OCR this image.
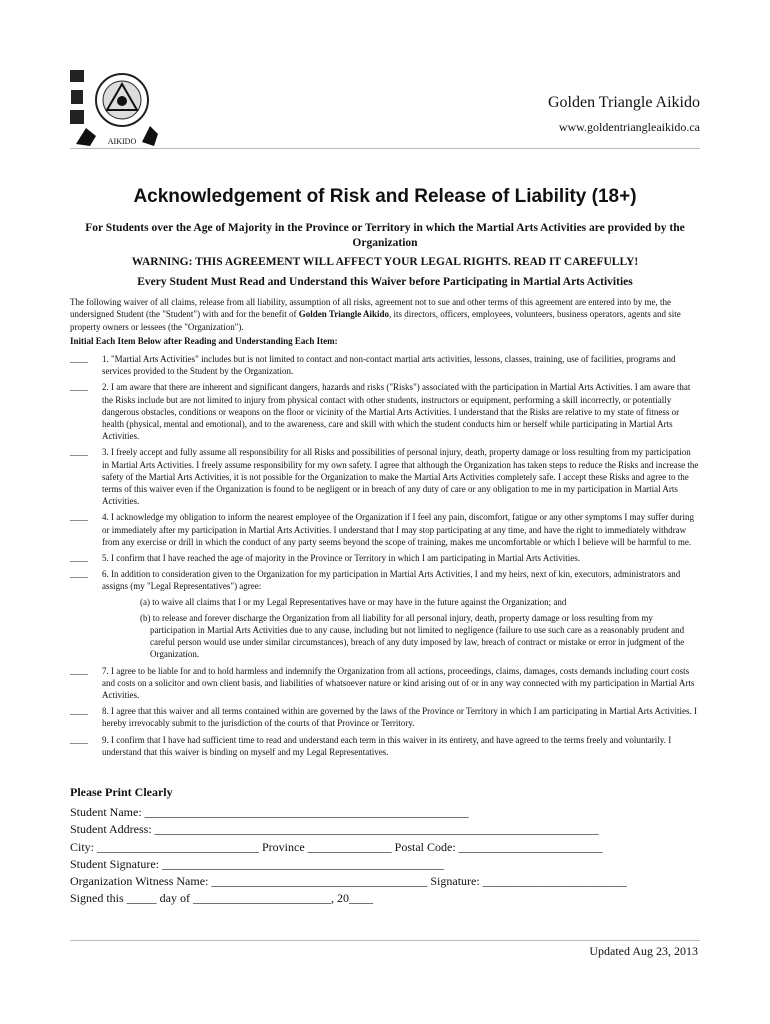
AIKIDO
Golden Triangle Aikido
www.goldentriangleaikido.ca
Acknowledgement of Risk and Release of Liability (18+)
For Students over the Age of Majority in the Province or Territory in which the Martial Arts Activities are provided by the Organization
WARNING: THIS AGREEMENT WILL AFFECT YOUR LEGAL RIGHTS. READ IT CAREFULLY!
Every Student Must Read and Understand this Waiver before Participating in Martial Arts Activities
The following waiver of all claims, release from all liability, assumption of all risks, agreement not to sue and other terms of this agreement are entered into by me, the undersigned Student (the "Student") with and for the benefit of Golden Triangle Aikido, its directors, officers, employees, volunteers, business operators, agents and site property owners or lessees (the "Organization").
Initial Each Item Below after Reading and Understanding Each Item:
____ 1. "Martial Arts Activities" includes but is not limited to contact and non-contact martial arts activities, lessons, classes, training, use of facilities, programs and services provided to the Student by the Organization.
____ 2. I am aware that there are inherent and significant dangers, hazards and risks ("Risks") associated with the participation in Martial Arts Activities. I am aware that the Risks include but are not limited to injury from physical contact with other students, instructors or equipment, performing a skill incorrectly, or potentially dangerous obstacles, conditions or weapons on the floor or vicinity of the Martial Arts Activities. I understand that the Risks are relative to my state of fitness or health (physical, mental and emotional), and to the awareness, care and skill with which the student conducts him or herself while participating in Martial Arts Activities.
____ 3. I freely accept and fully assume all responsibility for all Risks and possibilities of personal injury, death, property damage or loss resulting from my participation in Martial Arts Activities. I freely assume responsibility for my own safety. I agree that although the Organization has taken steps to reduce the Risks and increase the safety of the Martial Arts Activities, it is not possible for the Organization to make the Martial Arts Activities completely safe. I accept these Risks and agree to the terms of this waiver even if the Organization is found to be negligent or in breach of any duty of care or any obligation to me in my participation in Martial Arts Activities.
____ 4. I acknowledge my obligation to inform the nearest employee of the Organization if I feel any pain, discomfort, fatigue or any other symptoms I may suffer during or immediately after my participation in Martial Arts Activities. I understand that I may stop participating at any time, and have the right to immediately withdraw from any exercise or drill in which the conduct of any party seems beyond the scope of training, makes me uncomfortable or which I believe will be harmful to me.
____ 5. I confirm that I have reached the age of majority in the Province or Territory in which I am participating in Martial Arts Activities.
____ 6. In addition to consideration given to the Organization for my participation in Martial Arts Activities, I and my heirs, next of kin, executors, administrators and assigns (my "Legal Representatives") agree:
(a) to waive all claims that I or my Legal Representatives have or may have in the future against the Organization; and
(b) to release and forever discharge the Organization from all liability for all personal injury, death, property damage or loss resulting from my participation in Martial Arts Activities due to any cause, including but not limited to negligence (failure to use such care as a reasonably prudent and careful person would use under similar circumstances), breach of any duty imposed by law, breach of contract or mistake or error in judgment of the Organization.
____ 7. I agree to be liable for and to hold harmless and indemnify the Organization from all actions, proceedings, claims, damages, costs demands including court costs and costs on a solicitor and own client basis, and liabilities of whatsoever nature or kind arising out of or in any way connected with my participation in Martial Arts Activities.
____ 8. I agree that this waiver and all terms contained within are governed by the laws of the Province or Territory in which I am participating in Martial Arts Activities. I hereby irrevocably submit to the jurisdiction of the courts of that Province or Territory.
____ 9. I confirm that I have had sufficient time to read and understand each term in this waiver in its entirety, and have agreed to the terms freely and voluntarily. I understand that this waiver is binding on myself and my Legal Representatives.
Please Print Clearly
Student Name: ______________________________________________________
Student Address: __________________________________________________________________________
City: ___________________________ Province ______________ Postal Code: ________________________
Student Signature: _______________________________________________
Organization Witness Name: ____________________________________ Signature: ________________________
Signed this _____ day of _______________________, 20____
Updated Aug 23, 2013
